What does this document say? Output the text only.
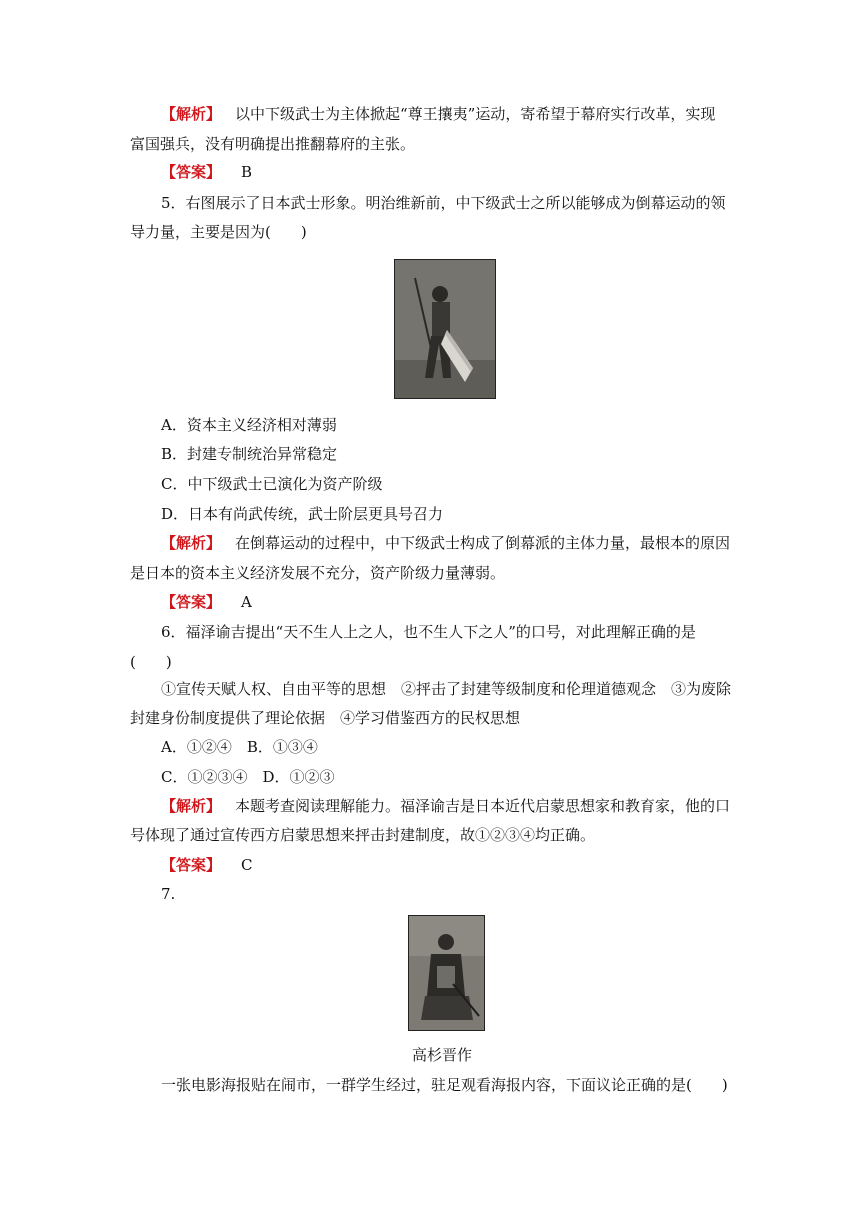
【解析】 以中下级武士为主体掀起“尊王攘夷”运动，寄希望于幕府实行改革，实现
富国强兵，没有明确提出推翻幕府的主张。
【答案】 B
5．右图展示了日本武士形象。明治维新前，中下级武士之所以能够成为倒幕运动的领
导力量，主要是因为(　　)
A．资本主义经济相对薄弱
B．封建专制统治异常稳定
C．中下级武士已演化为资产阶级
D．日本有尚武传统，武士阶层更具号召力
【解析】 在倒幕运动的过程中，中下级武士构成了倒幕派的主体力量，最根本的原因
是日本的资本主义经济发展不充分，资产阶级力量薄弱。
【答案】 A
6．福泽谕吉提出“天不生人上之人，也不生人下之人”的口号，对此理解正确的是
(　　)
①宣传天赋人权、自由平等的思想　②抨击了封建等级制度和伦理道德观念　③为废除
封建身份制度提供了理论依据　④学习借鉴西方的民权思想
A．①②④　B．①③④
C．①②③④　D．①②③
【解析】 本题考查阅读理解能力。福泽谕吉是日本近代启蒙思想家和教育家，他的口
号体现了通过宣传西方启蒙思想来抨击封建制度，故①②③④均正确。
【答案】 C
7.
高杉晋作
一张电影海报贴在闹市，一群学生经过，驻足观看海报内容，下面议论正确的是(　　)
